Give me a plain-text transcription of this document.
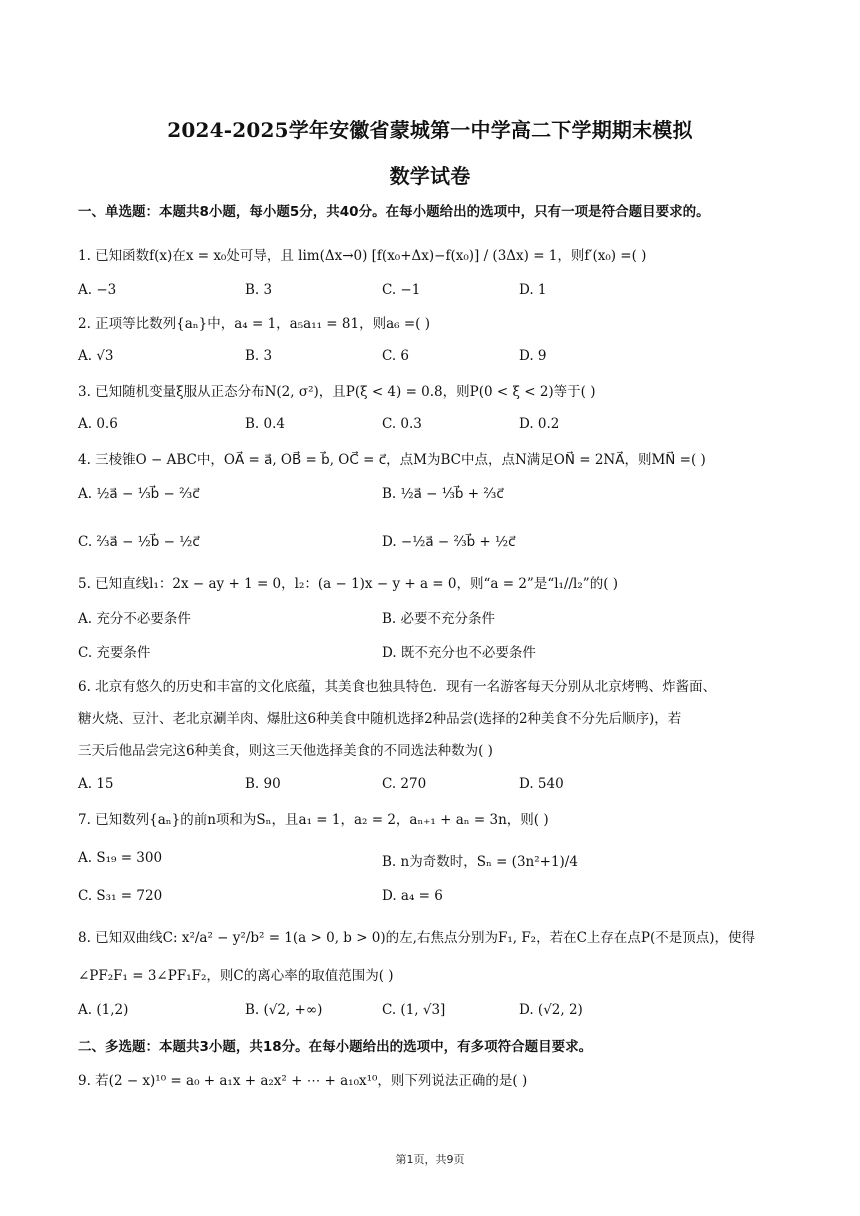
2024-2025学年安徽省蒙城第一中学高二下学期期末模拟
数学试卷
一、单选题：本题共8小题，每小题5分，共40分。在每小题给出的选项中，只有一项是符合题目要求的。
1. 已知函数f(x)在x = x₀处可导，且 lim(Δx→0) [f(x₀+Δx)−f(x₀)] / (3Δx) = 1，则f′(x₀) =( )
A. −3	B. 3	C. −1	D. 1
2. 正项等比数列{aₙ}中，a₄ = 1，a₅a₁₁ = 81，则a₆ =( )
A. √3	B. 3	C. 6	D. 9
3. 已知随机变量ξ服从正态分布N(2, σ²)，且P(ξ < 4) = 0.8，则P(0 < ξ < 2)等于( )
A. 0.6	B. 0.4	C. 0.3	D. 0.2
4. 三棱锥O − ABC中，OA⃗ = a⃗, OB⃗ = b⃗, OC⃗ = c⃗，点M为BC中点，点N满足ON⃗ = 2NA⃗，则MN⃗ =( )
A. ½a⃗ − ⅓b⃗ − ⅔c⃗	B. ½a⃗ − ⅓b⃗ + ⅔c⃗
C. ⅔a⃗ − ½b⃗ − ½c⃗	D. −½a⃗ − ⅔b⃗ + ½c⃗
5. 已知直线l₁：2x − ay + 1 = 0，l₂：(a − 1)x − y + a = 0，则“a = 2”是“l₁//l₂”的( )
A. 充分不必要条件	B. 必要不充分条件
C. 充要条件	D. 既不充分也不必要条件
6. 北京有悠久的历史和丰富的文化底蕴，其美食也独具特色．现有一名游客每天分别从北京烤鸭、炸酱面、
糖火烧、豆汁、老北京涮羊肉、爆肚这6种美食中随机选择2种品尝(选择的2种美食不分先后顺序)，若
三天后他品尝完这6种美食，则这三天他选择美食的不同选法种数为( )
A. 15	B. 90	C. 270	D. 540
7. 已知数列{aₙ}的前n项和为Sₙ，且a₁ = 1，a₂ = 2，aₙ₊₁ + aₙ = 3n，则( )
A. S₁₉ = 300	B. n为奇数时，Sₙ = (3n²+1)/4
C. S₃₁ = 720	D. a₄ = 6
8. 已知双曲线C: x²/a² − y²/b² = 1(a > 0, b > 0)的左,右焦点分别为F₁, F₂，若在C上存在点P(不是顶点)，使得
∠PF₂F₁ = 3∠PF₁F₂，则C的离心率的取值范围为( )
A. (1,2)	B. (√2, +∞)	C. (1, √3]	D. (√2, 2)
二、多选题：本题共3小题，共18分。在每小题给出的选项中，有多项符合题目要求。
9. 若(2 − x)¹⁰ = a₀ + a₁x + a₂x² + ⋯ + a₁₀x¹⁰，则下列说法正确的是( )
第1页，共9页
